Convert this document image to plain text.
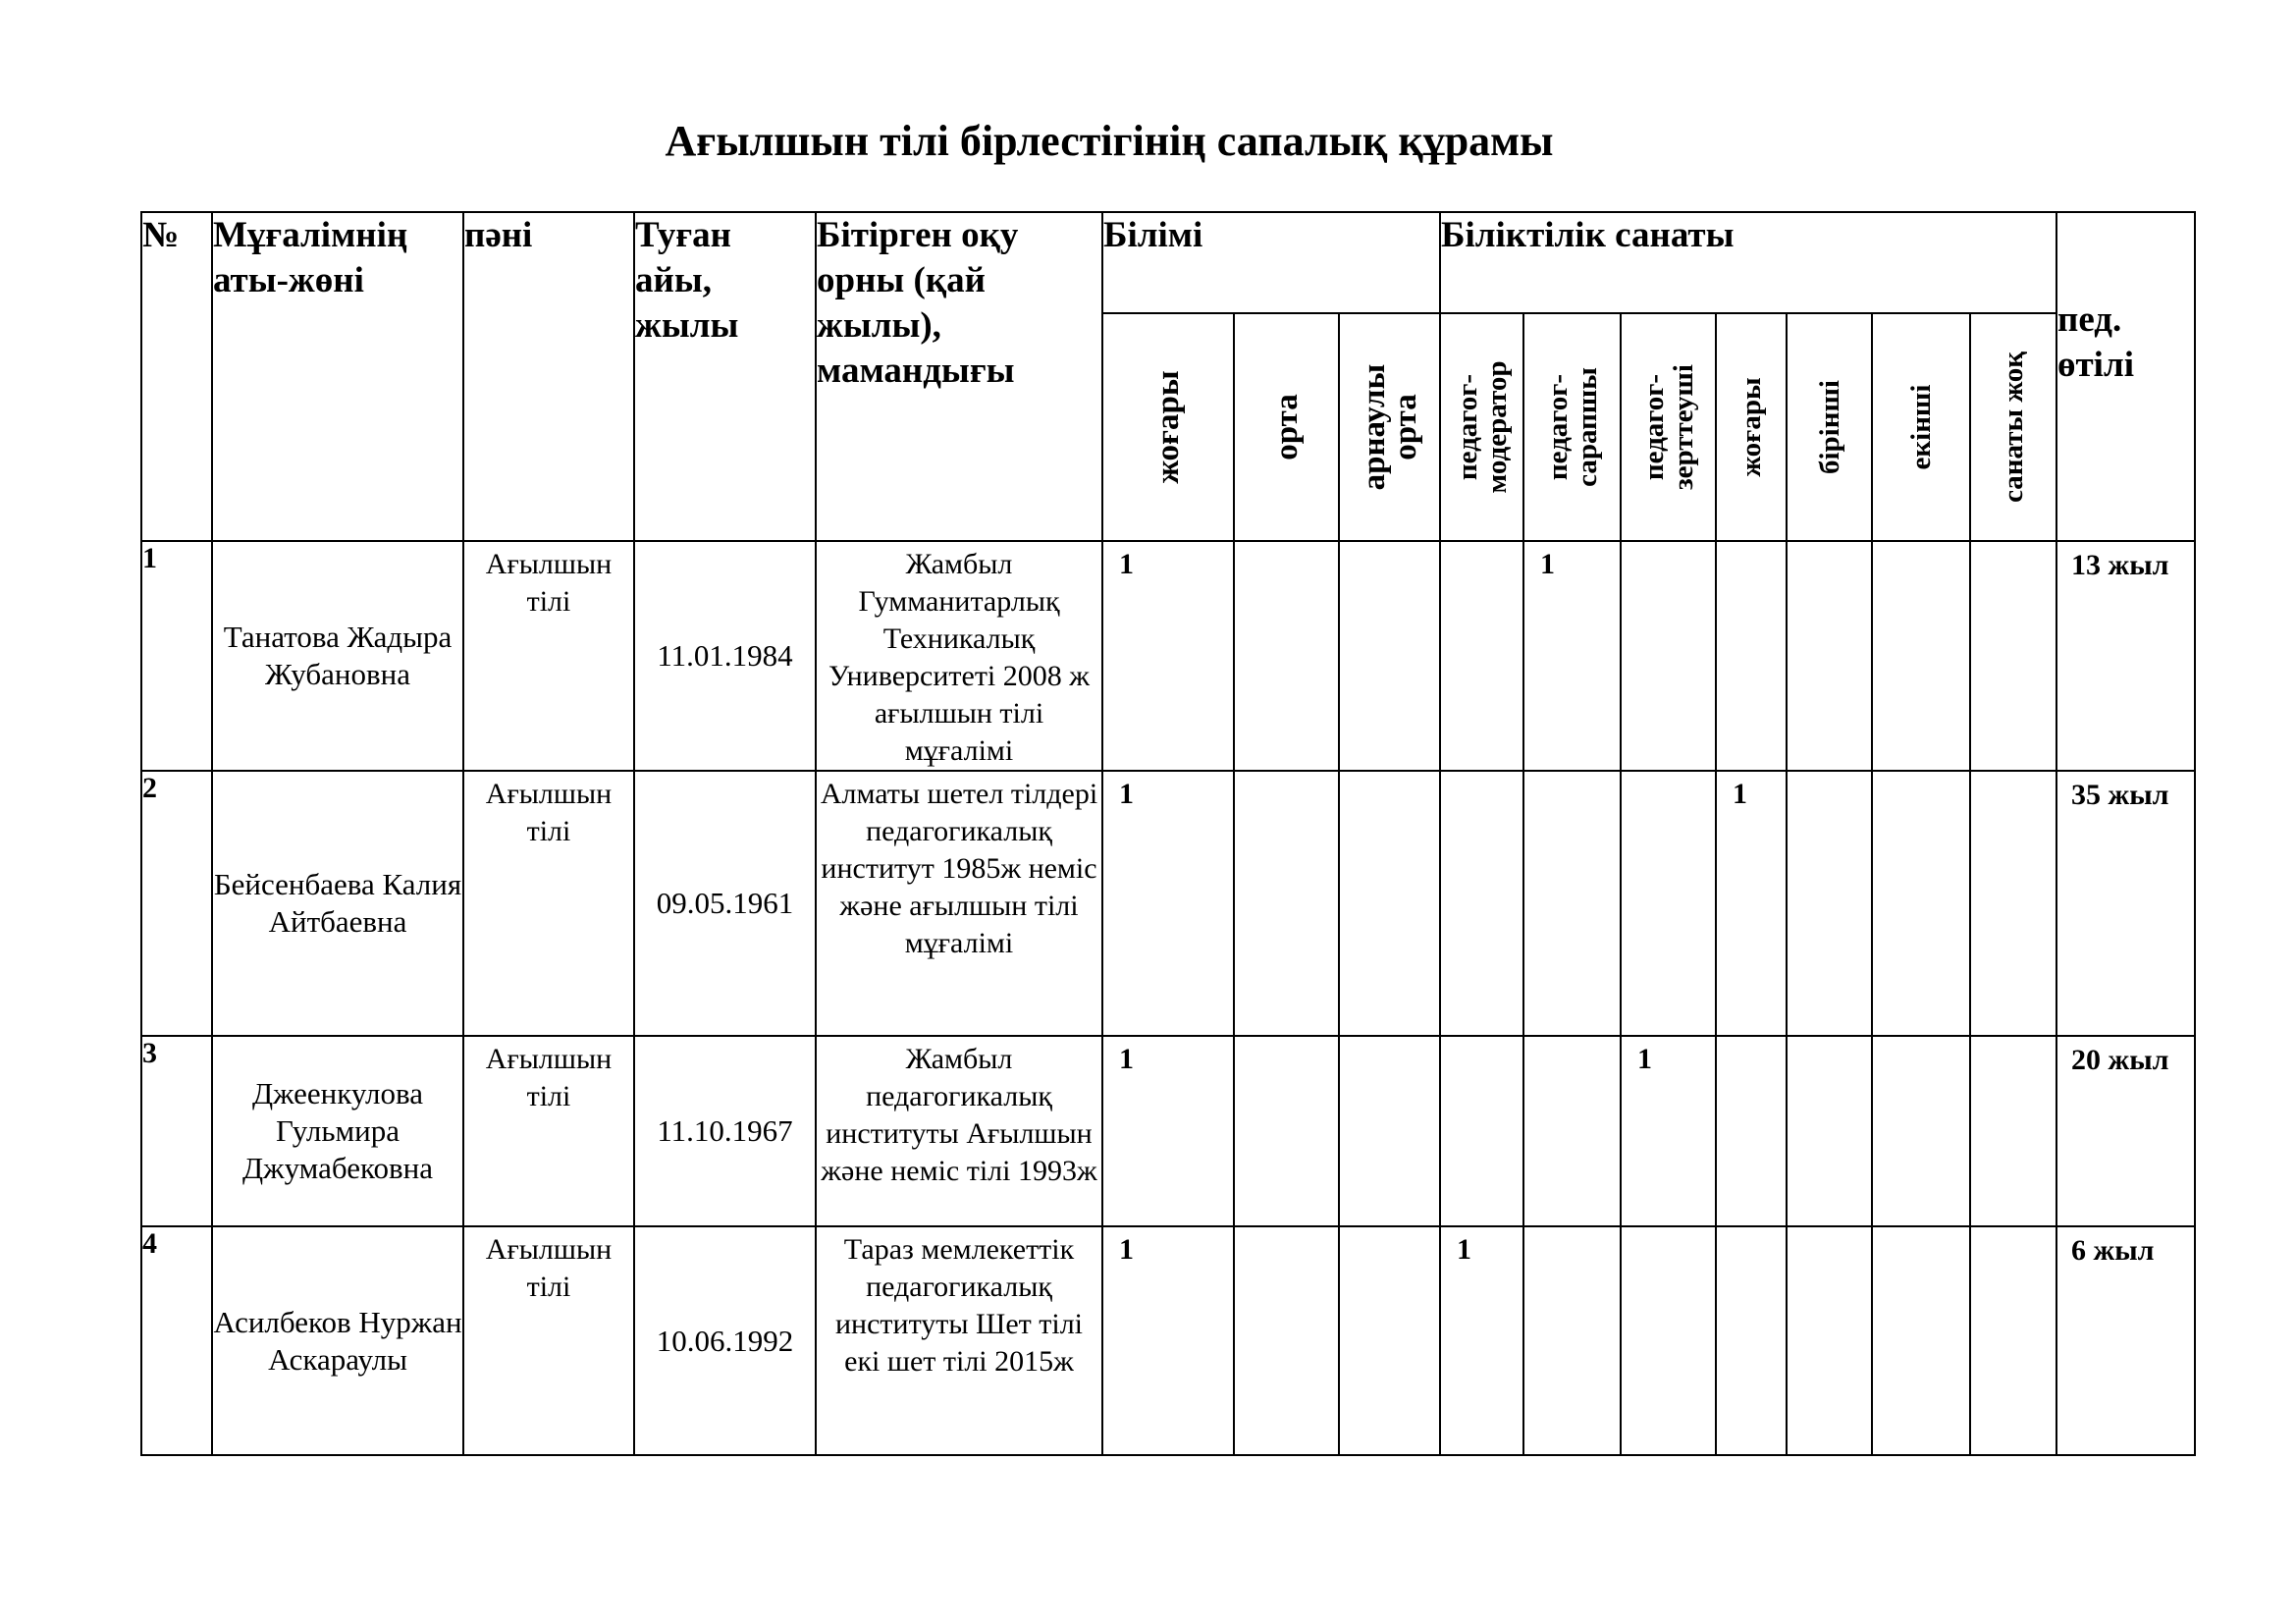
Ағылшын тілі бірлестігінің сапалық құрамы
№	Мұғалімнің аты-жөні	пәні	Туған айы, жылы	Бітірген оқу орны (қай жылы), мамандығы	Білімі			Біліктілік санаты							пед. өтілі

					жоғары	орта	арнаулы орта	педагог-модератор	педагог-сарапшы	педагог-зерттеуші	жоғары	бірінші	екінші	санаты жоқ	

1	Танатова Жадыра Жубановна	Ағылшын тілі	11.01.1984	Жамбыл Гумманитарлық Техникалық Университеті 2008 ж ағылшын тілі мұғалімі	1				1						13 жыл
2	Бейсенбаева Калия Айтбаевна	Ағылшын тілі	09.05.1961	Алматы шетел тілдері педагогикалық институт 1985ж неміс және ағылшын тілі мұғалімі	1						1				35 жыл
3	Джеенкулова Гульмира Джумабековна	Ағылшын тілі	11.10.1967	Жамбыл педагогикалық институты Ағылшын және неміс тілі 1993ж	1					1					20 жыл
4	Асилбеков Нуржан Аскараулы	Ағылшын тілі	10.06.1992	Тараз мемлекеттік педагогикалық институты Шет тілі екі шет тілі 2015ж	1			1							6 жыл
